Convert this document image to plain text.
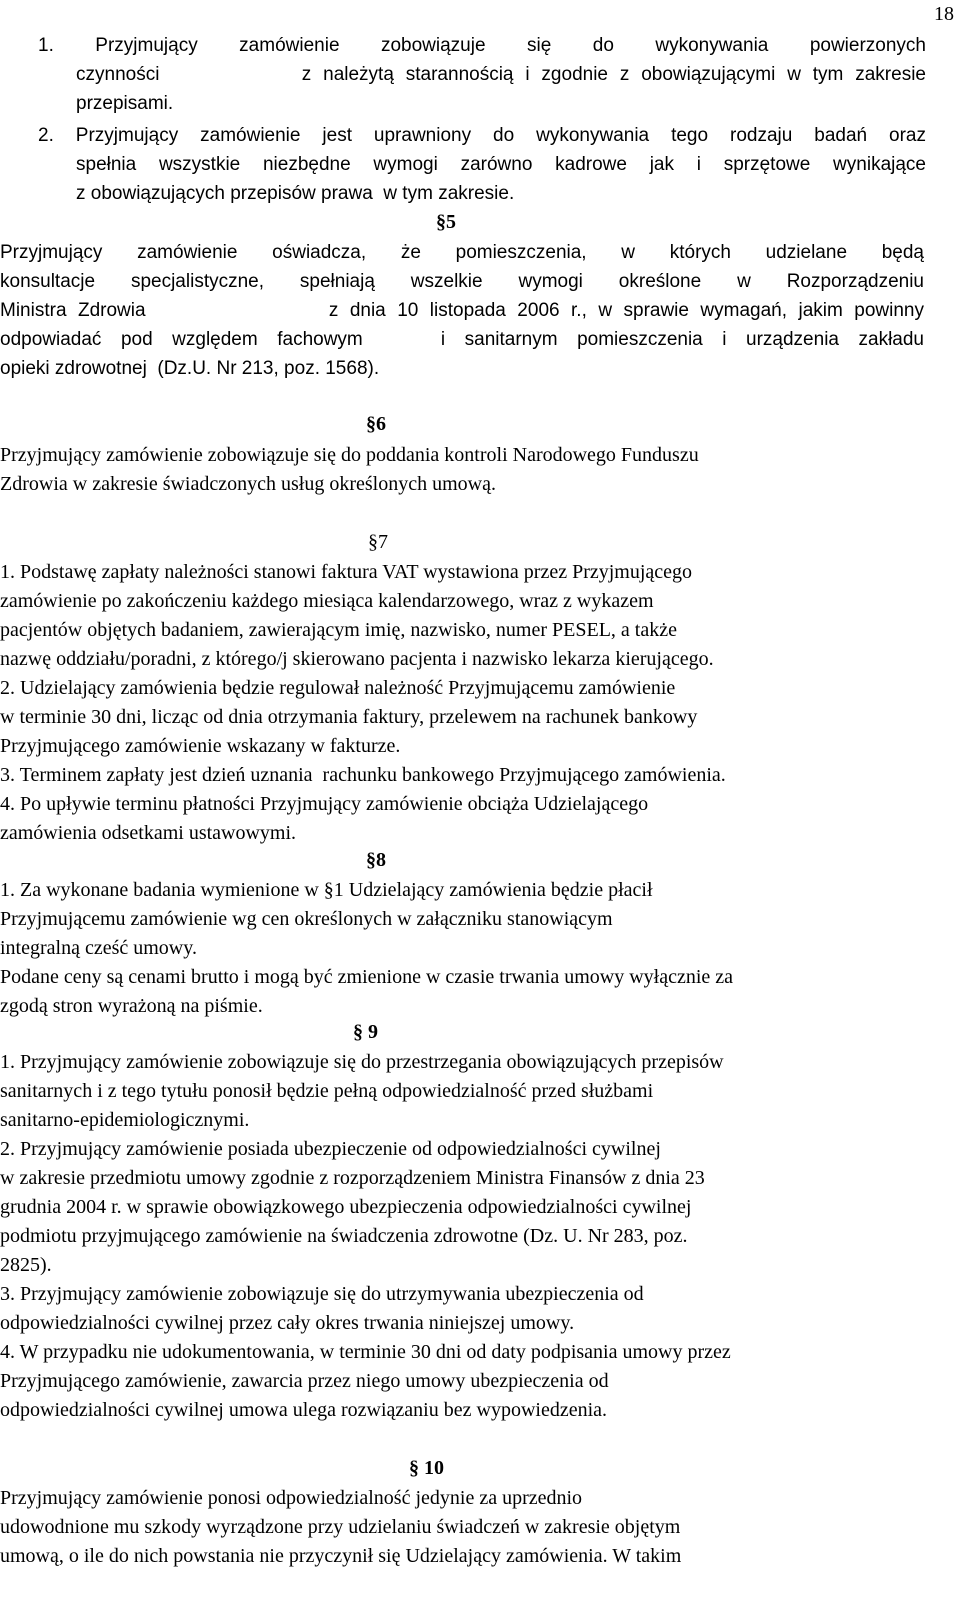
18
1. Przyjmujący zamówienie zobowiązuje się do wykonywania powierzonych
czynności            z należytą starannością i zgodnie z obowiązującymi w tym zakresie
przepisami.
2. Przyjmujący zamówienie jest uprawniony do wykonywania tego rodzaju badań oraz
spełnia wszystkie niezbędne wymogi zarówno kadrowe jak i sprzętowe wynikające
z obowiązujących przepisów prawa  w tym zakresie.
§5
Przyjmujący zamówienie oświadcza, że pomieszczenia, w których udzielane będą
konsultacje specjalistyczne, spełniają wszelkie wymogi określone w Rozporządzeniu
Ministra Zdrowia                z dnia 10 listopada 2006 r., w sprawie wymagań, jakim powinny
odpowiadać pod względem fachowym    i sanitarnym pomieszczenia i urządzenia zakładu
opieki zdrowotnej  (Dz.U. Nr 213, poz. 1568).
§6
Przyjmujący zamówienie zobowiązuje się do poddania kontroli Narodowego Funduszu
Zdrowia w zakresie świadczonych usług określonych umową.
§7
1. Podstawę zapłaty należności stanowi faktura VAT wystawiona przez Przyjmującego
zamówienie po zakończeniu każdego miesiąca kalendarzowego, wraz z wykazem
pacjentów objętych badaniem, zawierającym imię, nazwisko, numer PESEL, a także
nazwę oddziału/poradni, z którego/j skierowano pacjenta i nazwisko lekarza kierującego.
2. Udzielający zamówienia będzie regulował należność Przyjmującemu zamówienie
w terminie 30 dni, licząc od dnia otrzymania faktury, przelewem na rachunek bankowy
Przyjmującego zamówienie wskazany w fakturze.
3. Terminem zapłaty jest dzień uznania  rachunku bankowego Przyjmującego zamówienia.
4. Po upływie terminu płatności Przyjmujący zamówienie obciąża Udzielającego
zamówienia odsetkami ustawowymi.
§8
1. Za wykonane badania wymienione w §1 Udzielający zamówienia będzie płacił
Przyjmującemu zamówienie wg cen określonych w załączniku stanowiącym
integralną cześć umowy.
Podane ceny są cenami brutto i mogą być zmienione w czasie trwania umowy wyłącznie za
zgodą stron wyrażoną na piśmie.
§ 9
1. Przyjmujący zamówienie zobowiązuje się do przestrzegania obowiązujących przepisów
sanitarnych i z tego tytułu ponosił będzie pełną odpowiedzialność przed służbami
sanitarno-epidemiologicznymi.
2. Przyjmujący zamówienie posiada ubezpieczenie od odpowiedzialności cywilnej
w zakresie przedmiotu umowy zgodnie z rozporządzeniem Ministra Finansów z dnia 23
grudnia 2004 r. w sprawie obowiązkowego ubezpieczenia odpowiedzialności cywilnej
podmiotu przyjmującego zamówienie na świadczenia zdrowotne (Dz. U. Nr 283, poz.
2825).
3. Przyjmujący zamówienie zobowiązuje się do utrzymywania ubezpieczenia od
odpowiedzialności cywilnej przez cały okres trwania niniejszej umowy.
4. W przypadku nie udokumentowania, w terminie 30 dni od daty podpisania umowy przez
Przyjmującego zamówienie, zawarcia przez niego umowy ubezpieczenia od
odpowiedzialności cywilnej umowa ulega rozwiązaniu bez wypowiedzenia.
§ 10
Przyjmujący zamówienie ponosi odpowiedzialność jedynie za uprzednio
udowodnione mu szkody wyrządzone przy udzielaniu świadczeń w zakresie objętym
umową, o ile do nich powstania nie przyczynił się Udzielający zamówienia. W takim
